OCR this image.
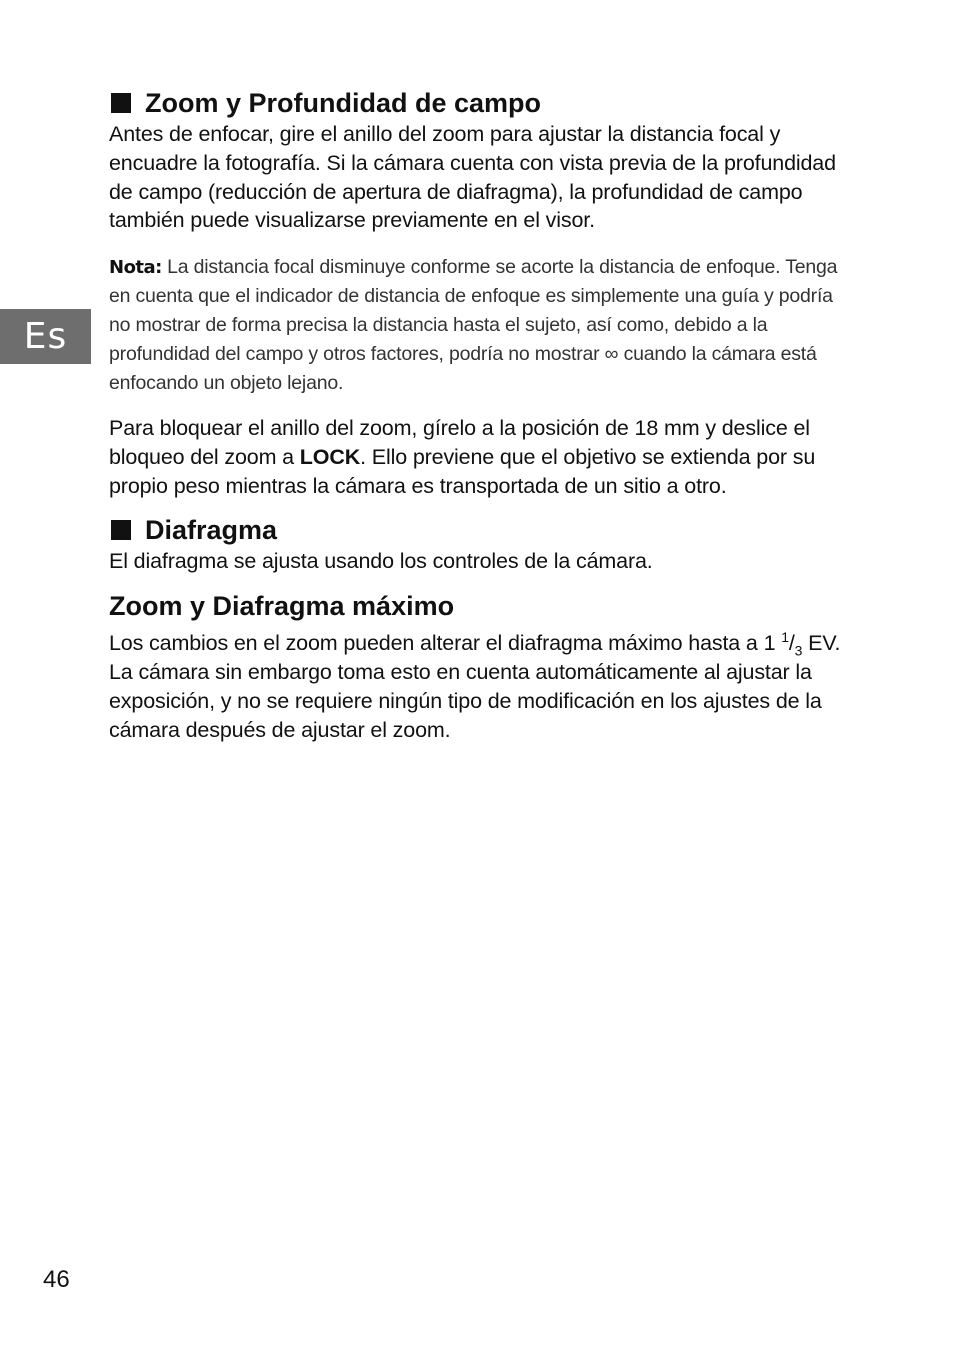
Es
Zoom y Profundidad de campo

Antes de enfocar, gire el anillo del zoom para ajustar la distancia focal y encuadre la fotografía. Si la cámara cuenta con vista previa de la profundidad de campo (reducción de apertura de diafragma), la profundidad de campo también puede visualizarse previamente en el visor.

Nota: La distancia focal disminuye conforme se acorte la distancia de enfoque. Tenga en cuenta que el indicador de distancia de enfoque es simplemente una guía y podría no mostrar de forma precisa la distancia hasta el sujeto, así como, debido a la profundidad del campo y otros factores, podría no mostrar ∞ cuando la cámara está enfocando un objeto lejano.

Para bloquear el anillo del zoom, gírelo a la posición de 18 mm y deslice el bloqueo del zoom a LOCK. Ello previene que el objetivo se extienda por su propio peso mientras la cámara es transportada de un sitio a otro.

Diafragma

El diafragma se ajusta usando los controles de la cámara.

Zoom y Diafragma máximo

Los cambios en el zoom pueden alterar el diafragma máximo hasta a 1 $^1/_3$ EV. La cámara sin embargo toma esto en cuenta automáticamente al ajustar la exposición, y no se requiere ningún tipo de modificación en los ajustes de la cámara después de ajustar el zoom.

46
